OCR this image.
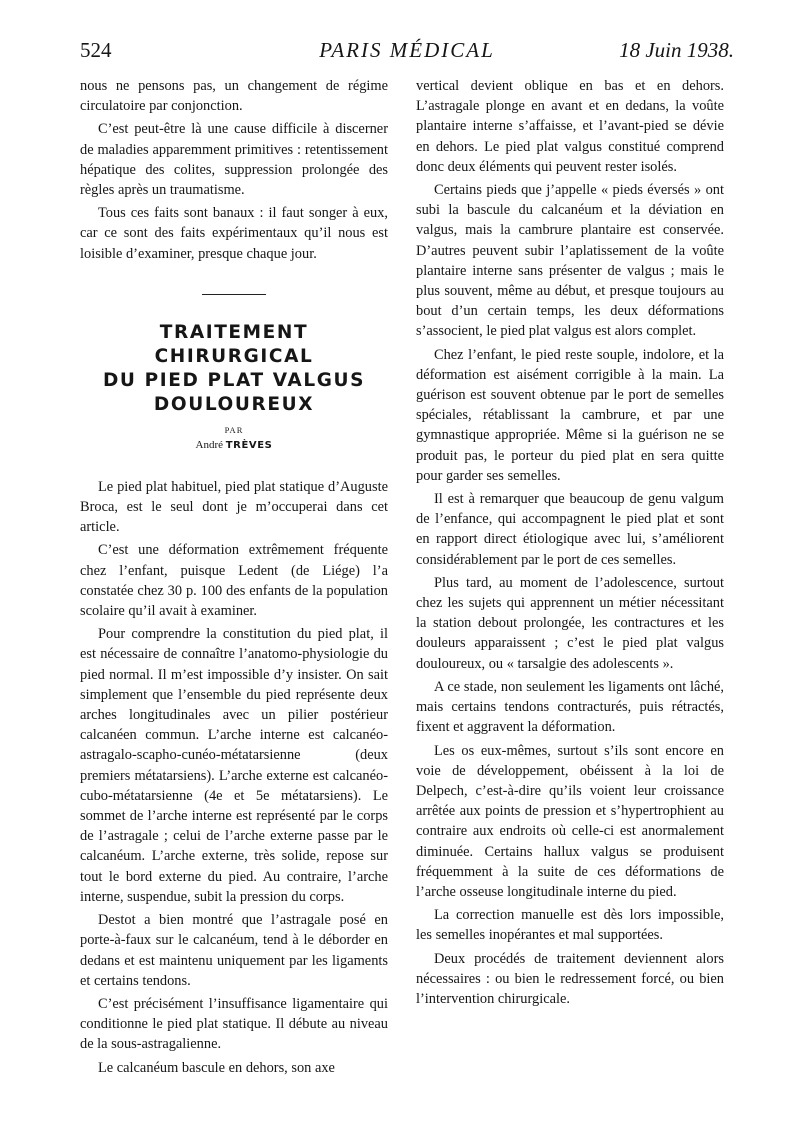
524	PARIS MÉDICAL	18 Juin 1938.

nous ne pensons pas, un changement de régime circulatoire par conjonction.

C’est peut-être là une cause difficile à discerner de maladies apparemment primitives : retentissement hépatique des colites, suppression prolongée des règles après un traumatisme.

Tous ces faits sont banaux : il faut songer à eux, car ce sont des faits expérimentaux qu’il nous est loisible d’examiner, presque chaque jour.

TRAITEMENT
CHIRURGICAL
DU PIED PLAT VALGUS
DOULOUREUX
PAR
André TRÈVES

Le pied plat habituel, pied plat statique d’Auguste Broca, est le seul dont je m’occuperai dans cet article.

C’est une déformation extrêmement fréquente chez l’enfant, puisque Ledent (de Liége) l’a constatée chez 30 p. 100 des enfants de la population scolaire qu’il avait à examiner.

Pour comprendre la constitution du pied plat, il est nécessaire de connaître l’anatomo-physiologie du pied normal. Il m’est impossible d’y insister. On sait simplement que l’ensemble du pied représente deux arches longitudinales avec un pilier postérieur calcanéen commun. L’arche interne est calcanéo-astragalo-scapho-cunéo-métatarsienne (deux premiers métatarsiens). L’arche externe est calcanéo-cubo-métatarsienne (4e et 5e métatarsiens). Le sommet de l’arche interne est représenté par le corps de l’astragale ; celui de l’arche externe passe par le calcanéum. L’arche externe, très solide, repose sur tout le bord externe du pied. Au contraire, l’arche interne, suspendue, subit la pression du corps.

Destot a bien montré que l’astragale posé en porte-à-faux sur le calcanéum, tend à le déborder en dedans et est maintenu uniquement par les ligaments et certains tendons.

C’est précisément l’insuffisance ligamentaire qui conditionne le pied plat statique. Il débute au niveau de la sous-astragalienne.

Le calcanéum bascule en dehors, son axe

vertical devient oblique en bas et en dehors. L’astragale plonge en avant et en dedans, la voûte plantaire interne s’affaisse, et l’avant-pied se dévie en dehors. Le pied plat valgus constitué comprend donc deux éléments qui peuvent rester isolés.

Certains pieds que j’appelle « pieds éversés » ont subi la bascule du calcanéum et la déviation en valgus, mais la cambrure plantaire est conservée. D’autres peuvent subir l’aplatissement de la voûte plantaire interne sans présenter de valgus ; mais le plus souvent, même au début, et presque toujours au bout d’un certain temps, les deux déformations s’associent, le pied plat valgus est alors complet.

Chez l’enfant, le pied reste souple, indolore, et la déformation est aisément corrigible à la main. La guérison est souvent obtenue par le port de semelles spéciales, rétablissant la cambrure, et par une gymnastique appropriée. Même si la guérison ne se produit pas, le porteur du pied plat en sera quitte pour garder ses semelles.

Il est à remarquer que beaucoup de genu valgum de l’enfance, qui accompagnent le pied plat et sont en rapport direct étiologique avec lui, s’améliorent considérablement par le port de ces semelles.

Plus tard, au moment de l’adolescence, surtout chez les sujets qui apprennent un métier nécessitant la station debout prolongée, les contractures et les douleurs apparaissent ; c’est le pied plat valgus douloureux, ou « tarsalgie des adolescents ».

A ce stade, non seulement les ligaments ont lâché, mais certains tendons contracturés, puis rétractés, fixent et aggravent la déformation.

Les os eux-mêmes, surtout s’ils sont encore en voie de développement, obéissent à la loi de Delpech, c’est-à-dire qu’ils voient leur croissance arrêtée aux points de pression et s’hypertrophient au contraire aux endroits où celle-ci est anormalement diminuée. Certains hallux valgus se produisent fréquemment à la suite de ces déformations de l’arche osseuse longitudinale interne du pied.

La correction manuelle est dès lors impossible, les semelles inopérantes et mal supportées.

Deux procédés de traitement deviennent alors nécessaires : ou bien le redressement forcé, ou bien l’intervention chirurgicale.
